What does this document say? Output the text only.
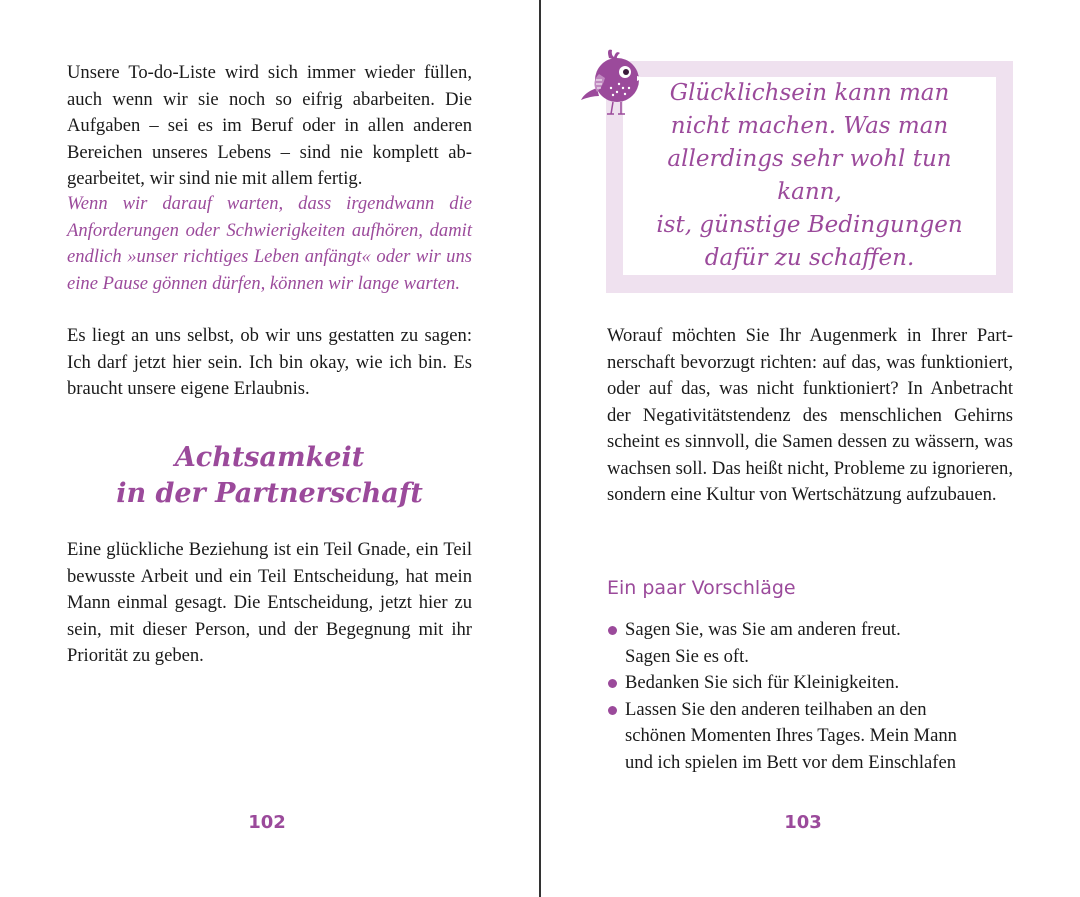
Unsere To-do-Liste wird sich immer wieder füllen, auch wenn wir sie noch so eifrig abarbeiten. Die Aufgaben – sei es im Beruf oder in allen anderen Bereichen unseres Lebens – sind nie komplett abgearbeitet, wir sind nie mit allem fertig.

Wenn wir darauf warten, dass irgendwann die Anforderungen oder Schwierigkeiten aufhören, damit endlich »unser richtiges Leben anfängt« oder wir uns eine Pause gönnen dürfen, können wir lange warten.

Es liegt an uns selbst, ob wir uns gestatten zu sagen: Ich darf jetzt hier sein. Ich bin okay, wie ich bin. Es braucht unsere eigene Erlaubnis.

Achtsamkeit
in der Partnerschaft

Eine glückliche Beziehung ist ein Teil Gnade, ein Teil bewusste Arbeit und ein Teil Entscheidung, hat mein Mann einmal gesagt. Die Entscheidung, jetzt hier zu sein, mit dieser Person, und der Begegnung mit ihr Priorität zu geben.

102

Glücklichsein kann man
nicht machen. Was man
allerdings sehr wohl tun kann,
ist, günstige Bedingungen
dafür zu schaffen.

Worauf möchten Sie Ihr Augenmerk in Ihrer Partnerschaft bevorzugt richten: auf das, was funktioniert, oder auf das, was nicht funktioniert? In Anbetracht der Negativitätstendenz des menschlichen Gehirns scheint es sinnvoll, die Samen dessen zu wässern, was wachsen soll. Das heißt nicht, Probleme zu ignorieren, sondern eine Kultur von Wertschätzung aufzubauen.

Ein paar Vorschläge
Sagen Sie, was Sie am anderen freut.
Sagen Sie es oft.
Bedanken Sie sich für Kleinigkeiten.
Lassen Sie den anderen teilhaben an den
schönen Momenten Ihres Tages. Mein Mann
und ich spielen im Bett vor dem Einschlafen
103
